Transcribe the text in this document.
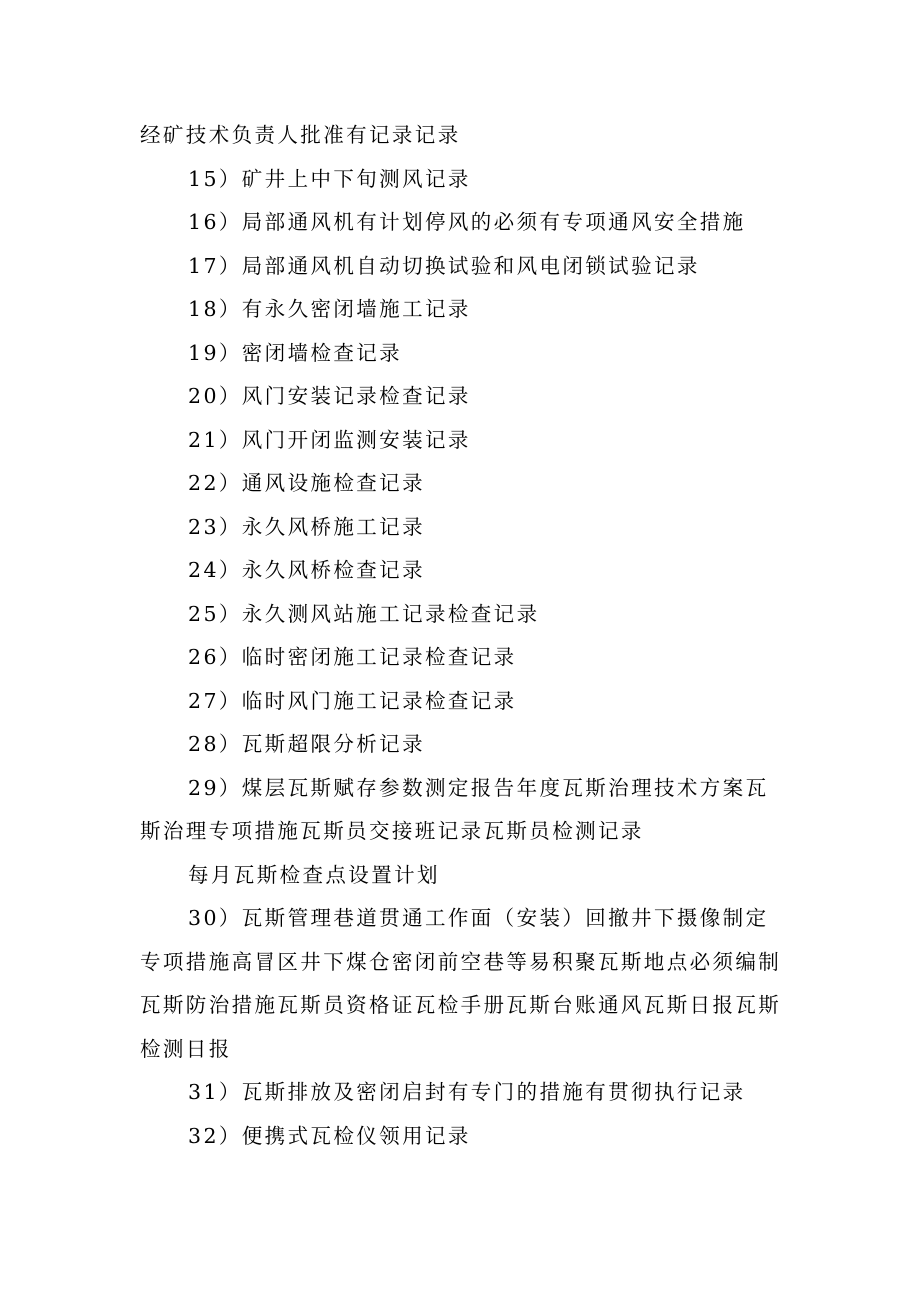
经矿技术负责人批准有记录记录

15）矿井上中下旬测风记录

16）局部通风机有计划停风的必须有专项通风安全措施

17）局部通风机自动切换试验和风电闭锁试验记录

18）有永久密闭墙施工记录

19）密闭墙检查记录

20）风门安装记录检查记录

21）风门开闭监测安装记录

22）通风设施检查记录

23）永久风桥施工记录

24）永久风桥检查记录

25）永久测风站施工记录检查记录

26）临时密闭施工记录检查记录

27）临时风门施工记录检查记录

28）瓦斯超限分析记录

29）煤层瓦斯赋存参数测定报告年度瓦斯治理技术方案瓦斯治理专项措施瓦斯员交接班记录瓦斯员检测记录

每月瓦斯检查点设置计划

30）瓦斯管理巷道贯通工作面（安装）回撤井下摄像制定专项措施高冒区井下煤仓密闭前空巷等易积聚瓦斯地点必须编制瓦斯防治措施瓦斯员资格证瓦检手册瓦斯台账通风瓦斯日报瓦斯检测日报

31）瓦斯排放及密闭启封有专门的措施有贯彻执行记录

32）便携式瓦检仪领用记录
